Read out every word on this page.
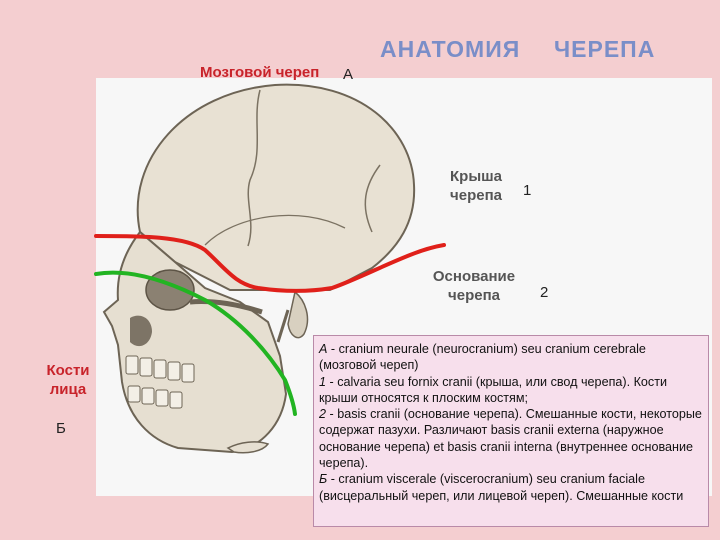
АНАТОМИЯ ЧЕРЕПА
Мозговой череп А
Крыша
черепа	1
Основание
черепа	2
Кости
лица
Б

А - cranium neurale (neurocranium) seu cranium cerebrale (мозговой череп)

1 - calvaria seu fornix cranii (крыша, или свод черепа). Кости крыши относятся к плоским костям;

2 - basis cranii (основание черепа). Смешанные кости, некоторые содержат пазухи. Различают basis cranii externa (наружное основание черепа) et basis cranii interna (внутреннее основание черепа).

Б - cranium viscerale (viscerocranium) seu cranium faciale (висцеральный череп, или лицевой череп). Смешанные кости
